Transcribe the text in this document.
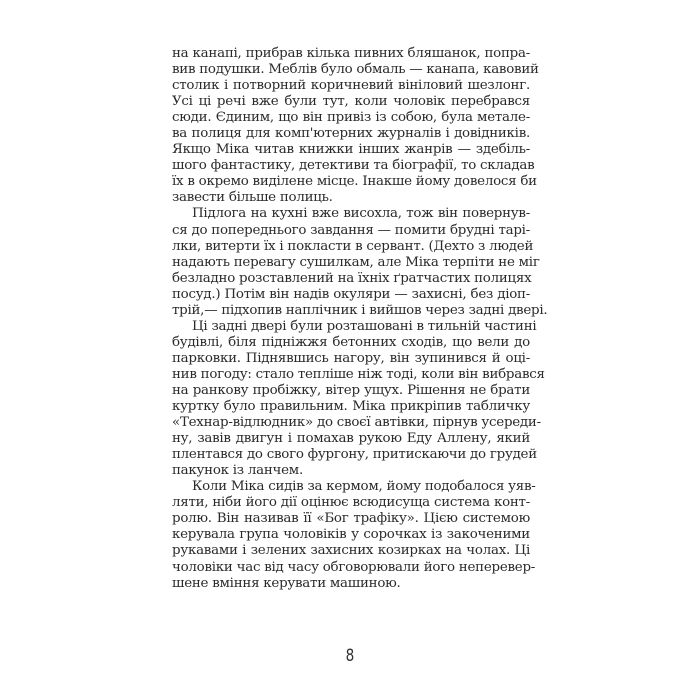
на канапі, прибрав кілька пивних бляшанок, попра-
вив подушки. Меблів було обмаль — канапа, кавовий
столик і потворний коричневий вініловий шезлонг.
Усі ці речі вже були тут, коли чоловік перебрався
сюди. Єдиним, що він привіз із собою, була метале-
ва полиця для комп'ютерних журналів і довідників.
Якщо Міка читав книжки інших жанрів — здебіль-
шого фантастику, детективи та біографії, то складав
їх в окремо виділене місце. Інакше йому довелося би
завести більше полиць.
Підлога на кухні вже висохла, тож він повернув-
ся до попереднього завдання — помити брудні тарі-
лки, витерти їх і покласти в сервант. (Дехто з людей
надають перевагу сушилкам, але Міка терпіти не міг
безладно розставлений на їхніх ґратчастих полицях
посуд.) Потім він надів окуляри — захисні, без діоп-
трій,— підхопив наплічник і вийшов через задні двері.
Ці задні двері були розташовані в тильній частині
будівлі, біля підніжжя бетонних сходів, що вели до
парковки. Піднявшись нагору, він зупинився й оці-
нив погоду: стало тепліше ніж тоді, коли він вибрався
на ранкову пробіжку, вітер ущух. Рішення не брати
куртку було правильним. Міка прикріпив табличку
«Технар-відлюдник» до своєї автівки, пірнув усереди-
ну, завів двигун і помахав рукою Еду Аллену, який
плентався до свого фургону, притискаючи до грудей
пакунок із ланчем.
Коли Міка сидів за кермом, йому подобалося уяв-
ляти, ніби його дії оцінює всюдисуща система конт-
ролю. Він називав її «Бог трафіку». Цією системою
керувала група чоловіків у сорочках із закоченими
рукавами і зелених захисних козирках на чолах. Ці
чоловіки час від часу обговорювали його неперевер-
шене вміння керувати машиною.
8
